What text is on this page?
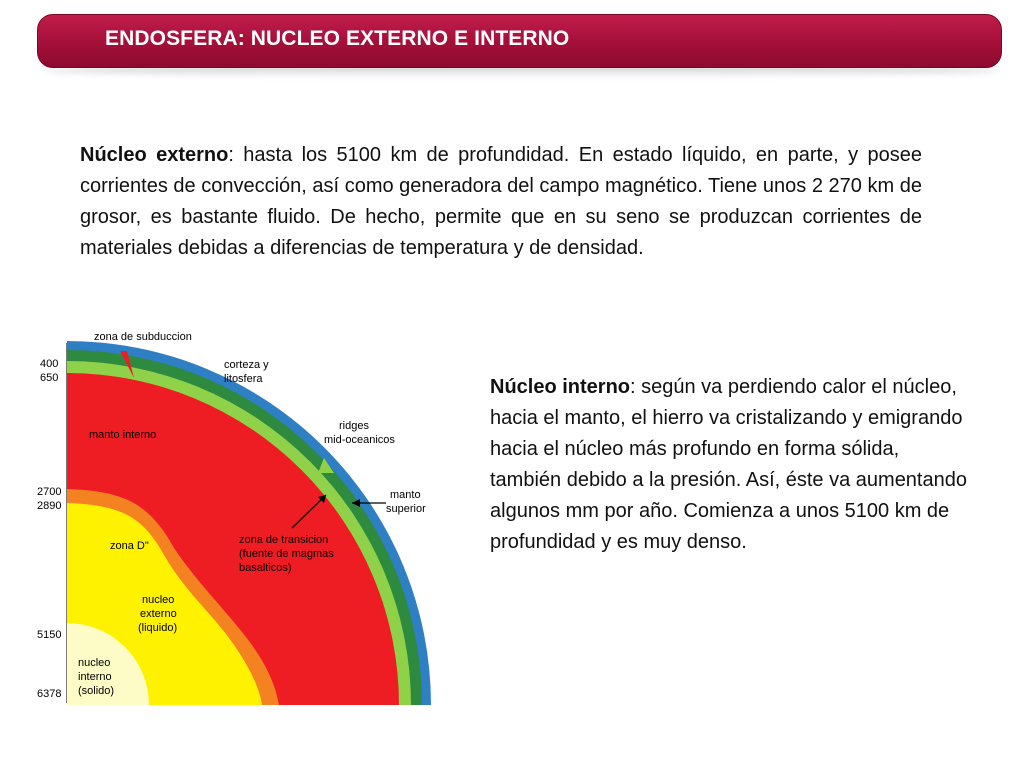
ENDOSFERA: NUCLEO EXTERNO E INTERNO
Núcleo externo: hasta los 5100 km de profundidad. En estado líquido, en parte, y posee corrientes de convección, así como generadora del campo magnético. Tiene unos 2 270 km de grosor, es bastante fluido. De hecho, permite que en su seno se produzcan corrientes de materiales debidas a diferencias de temperatura y de densidad.
400
650
2700
2890
5150
6378
zona de subduccion
corteza y
litosfera
ridges
mid-oceanicos
manto interno
manto
superior
zona de transicion
(fuente de magmas
basalticos)
zona D"
nucleo
externo
(liquido)
nucleo
interno
(solido)
Núcleo interno: según va perdiendo calor el núcleo, hacia el manto, el hierro va cristalizando y emigrando hacia el núcleo más profundo en forma sólida, también debido a la presión. Así, éste va aumentando algunos mm por año. Comienza a unos 5100 km de profundidad y es muy denso.
